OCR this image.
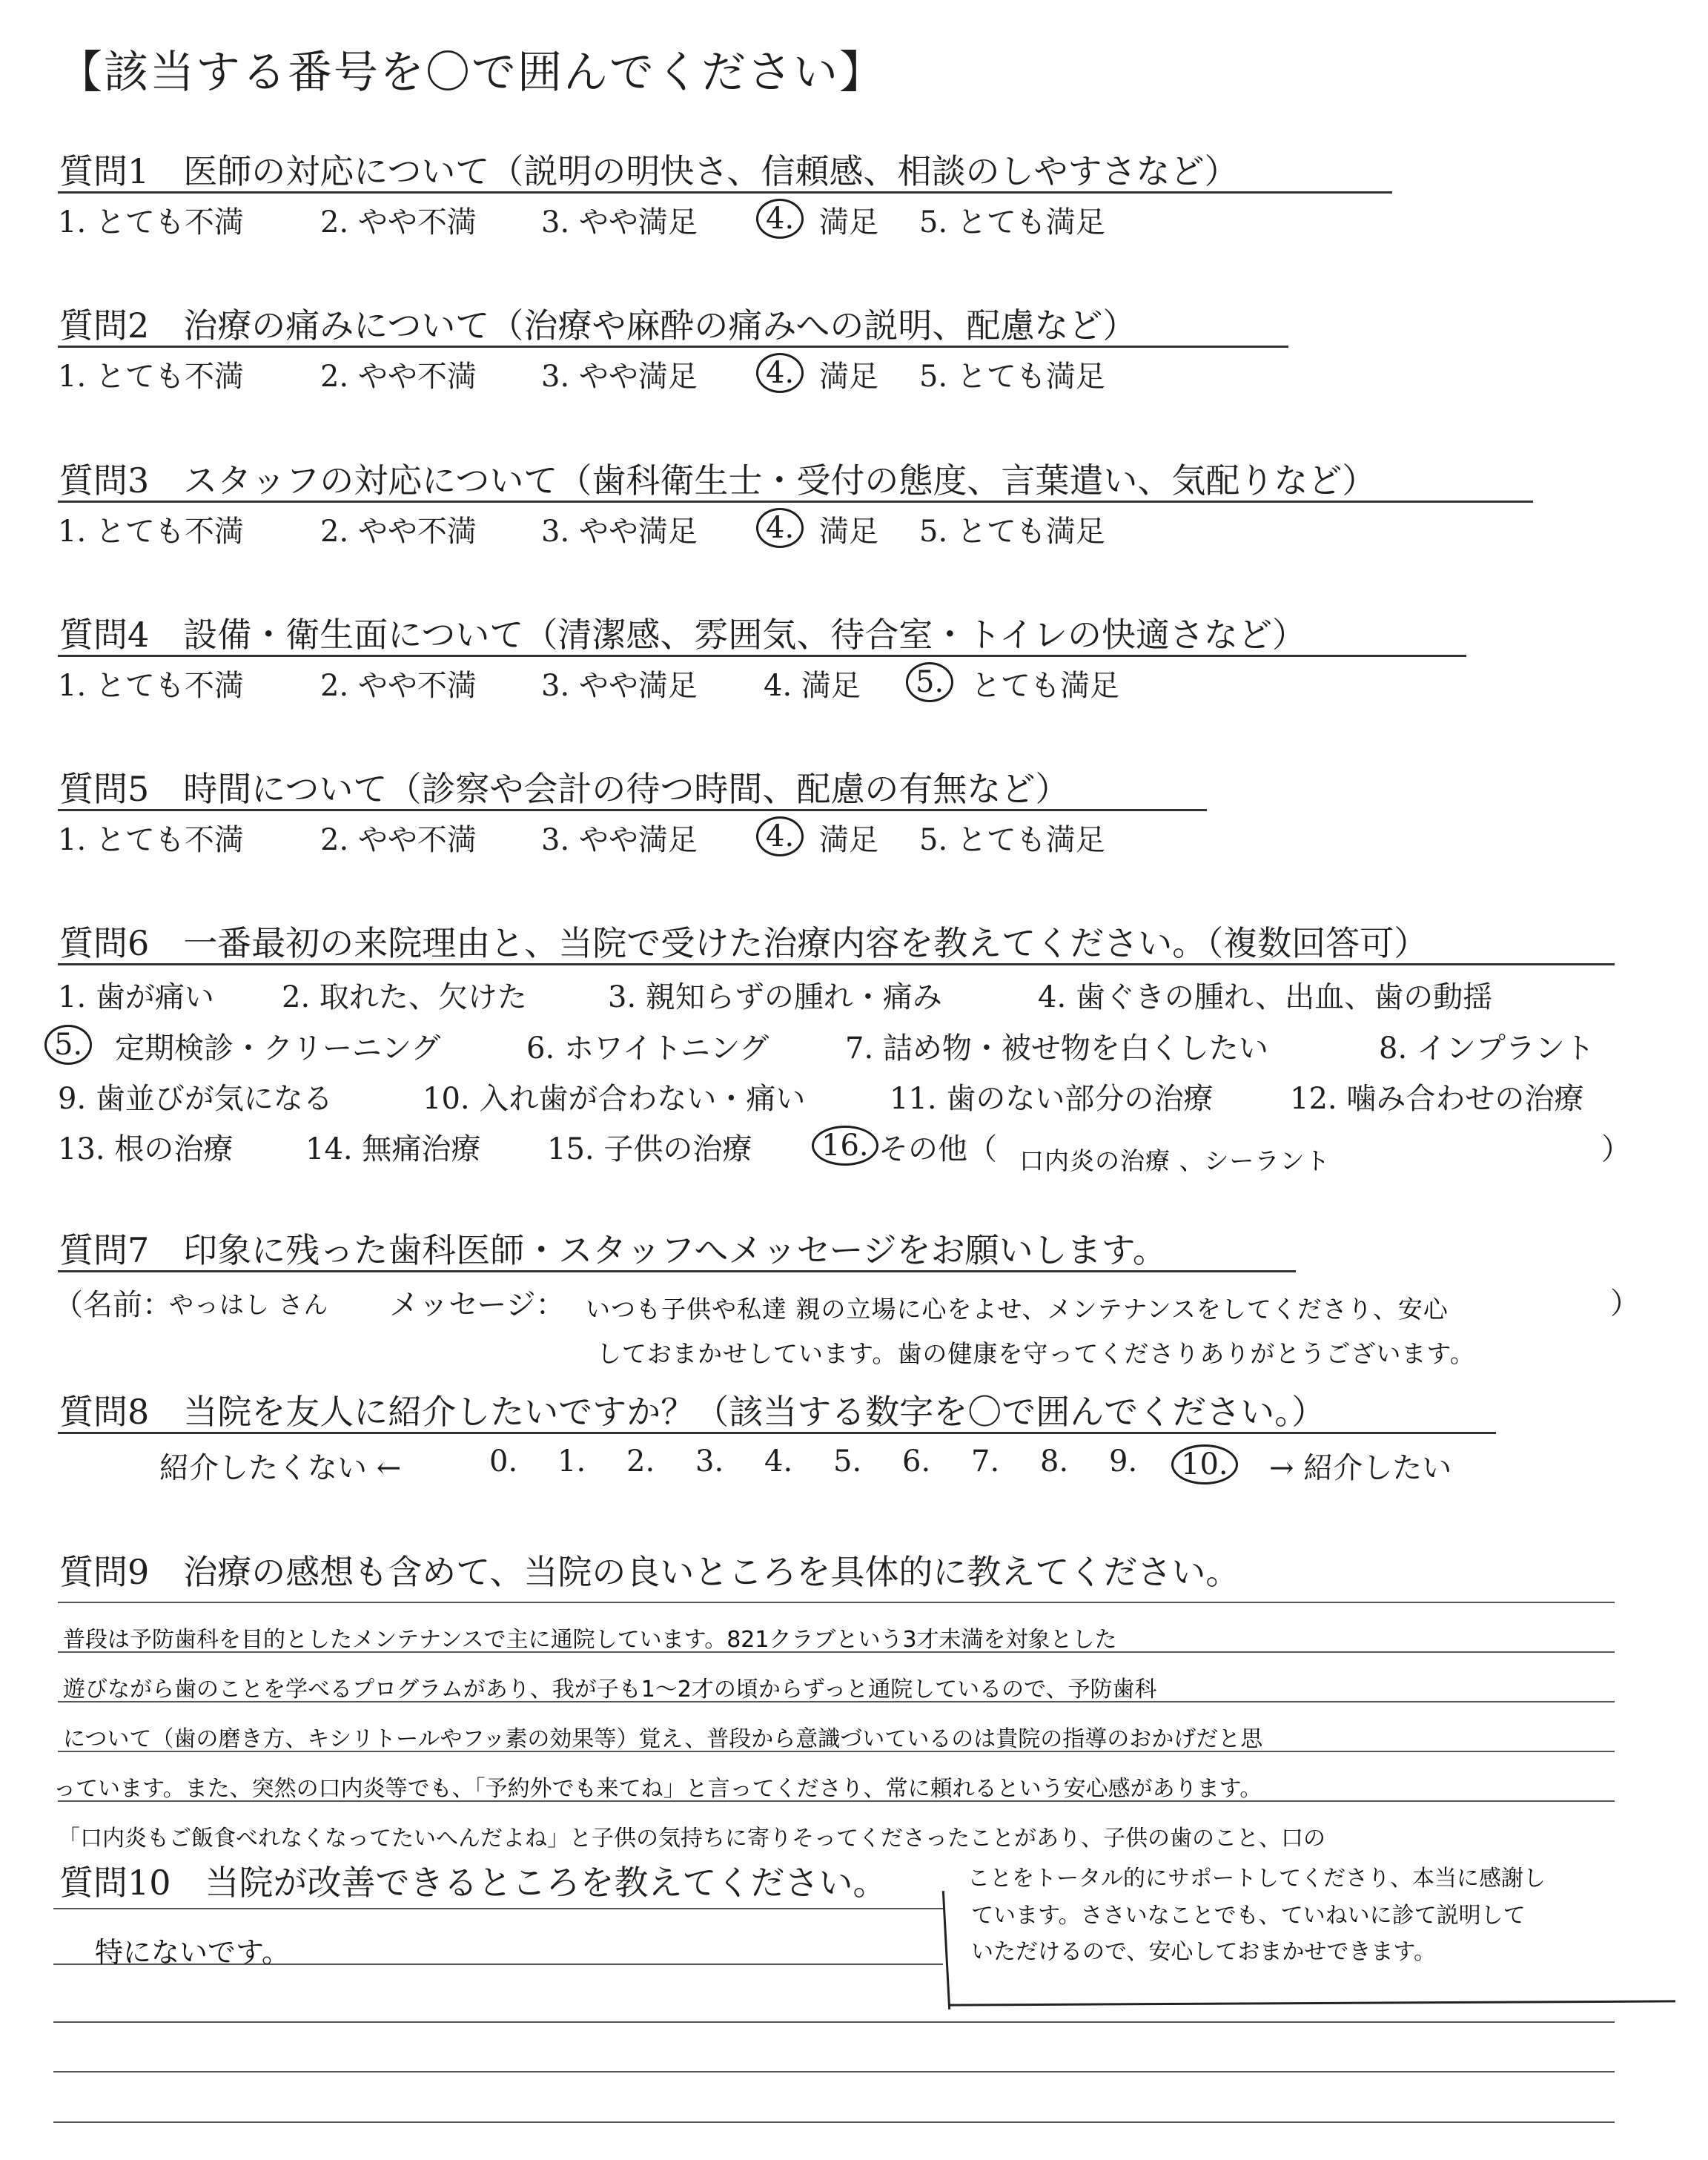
【該当する番号を〇で囲んでください】
質問1　医師の対応について（説明の明快さ、信頼感、相談のしやすさなど）
1. とても不満	2. やや不満 3. やや満足 4. 満足 5. とても満足
質問2　治療の痛みについて（治療や麻酔の痛みへの説明、配慮など）
1. とても不満	2. やや不満 3. やや満足 4. 満足 5. とても満足
質問3　スタッフの対応について（歯科衛生士・受付の態度、言葉遣い、気配りなど）
1. とても不満	2. やや不満 3. やや満足 4. 満足 5. とても満足
質問4　設備・衛生面について（清潔感、雰囲気、待合室・トイレの快適さなど）
1. とても不満	2. やや不満 3. やや満足 4. 満足 5. とても満足
質問5　時間について（診察や会計の待つ時間、配慮の有無など）
1. とても不満	2. やや不満 3. やや満足 4. 満足 5. とても満足
質問6　一番最初の来院理由と、当院で受けた治療内容を教えてください。（複数回答可）
1. 歯が痛い 2. 取れた、欠けた	3. 親知らずの腫れ・痛み	4. 歯ぐきの腫れ、出血、歯の動揺
5.	定期検診・クリーニング	6. ホワイトニング	7. 詰め物・被せ物を白くしたい	8. インプラント
9. 歯並びが気になる	10. 入れ歯が合わない・痛い	11. 歯のない部分の治療	12. 噛み合わせの治療
13. 根の治療 14. 無痛治療 15. 子供の治療 16. その他（ 口内炎の治療 、シーラント	）
質問7　印象に残った歯科医師・スタッフへメッセージをお願いします。
（名前：
やっはし さん メッセージ： いつも子供や私達 親の立場に心をよせ、メンテナンスをしてくださり、安心
しておまかせしています。歯の健康を守ってくださりありがとうございます。
）
質問8　当院を友人に紹介したいですか？（該当する数字を〇で囲んでください。）
紹介したくない ←	0. 1. 2. 3. 4. 5. 6. 7. 8. 9. 10.	→ 紹介したい
質問9　治療の感想も含めて、当院の良いところを具体的に教えてください。
普段は予防歯科を目的としたメンテナンスで主に通院しています。821クラブという3才未満を対象とした
遊びながら歯のことを学べるプログラムがあり、我が子も1～2才の頃からずっと通院しているので、予防歯科
について（歯の磨き方、キシリトールやフッ素の効果等）覚え、普段から意識づいているのは貴院の指導のおかげだと思
っています。また、突然の口内炎等でも、「予約外でも来てね」と言ってくださり、常に頼れるという安心感があります。
「口内炎もご飯食べれなくなってたいへんだよね」と子供の気持ちに寄りそってくださったことがあり、子供の歯のこと、口の
ことをトータル的にサポートしてくださり、本当に感謝し
ています。ささいなことでも、ていねいに診て説明して
いただけるので、安心しておまかせできます。
質問10　当院が改善できるところを教えてください。
特にないです。
